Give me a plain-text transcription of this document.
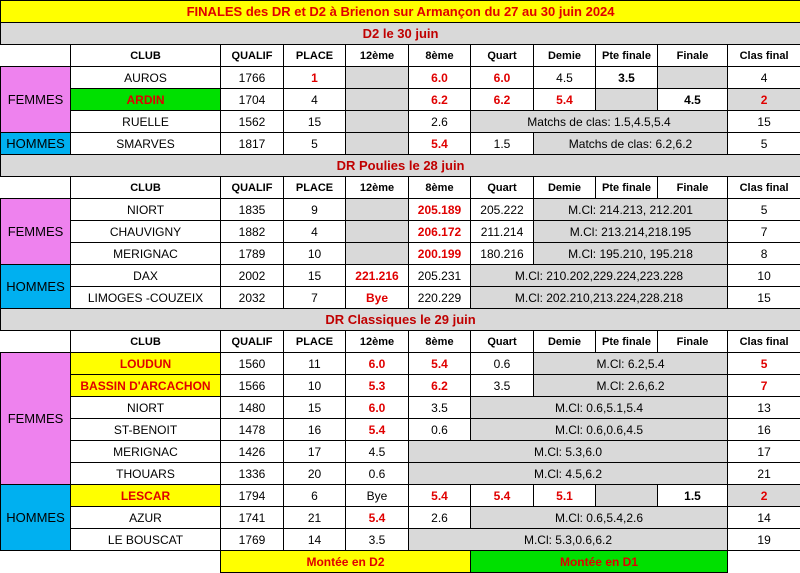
FINALES des DR et D2 à Brienon sur Armançon du 27 au 30 juin 2024										
D2 le 30 juin										
	CLUB	QUALIF	PLACE	12ème	8ème	Quart	Demie	Pte finale	Finale	Clas final
FEMMES	AUROS	1766	1		6.0	6.0	4.5	3.5		4
	ARDIN	1704	4		6.2	6.2	5.4		4.5	2
	RUELLE	1562	15		2.6	Matchs de clas: 1.5,4.5,5.4				15
HOMMES	SMARVES	1817	5		5.4	1.5	Matchs de clas: 6.2,6.2			5
DR Poulies le 28 juin										
	CLUB	QUALIF	PLACE	12ème	8ème	Quart	Demie	Pte finale	Finale	Clas final
FEMMES	NIORT	1835	9		205.189	205.222	M.Cl: 214.213, 212.201			5
	CHAUVIGNY	1882	4		206.172	211.214	M.Cl: 213.214,218.195			7
	MERIGNAC	1789	10		200.199	180.216	M.Cl: 195.210, 195.218			8
HOMMES	DAX	2002	15	221.216	205.231	M.Cl: 210.202,229.224,223.228				10
	LIMOGES -COUZEIX	2032	7	Bye	220.229	M.Cl: 202.210,213.224,228.218				15
DR Classiques le 29 juin										
	CLUB	QUALIF	PLACE	12ème	8ème	Quart	Demie	Pte finale	Finale	Clas final
FEMMES	LOUDUN	1560	11	6.0	5.4	0.6	M.Cl: 6.2,5.4			5
	BASSIN D'ARCACHON	1566	10	5.3	6.2	3.5	M.Cl: 2.6,6.2			7
	NIORT	1480	15	6.0	3.5	M.Cl: 0.6,5.1,5.4				13
	ST-BENOIT	1478	16	5.4	0.6	M.Cl: 0.6,0.6,4.5				16
	MERIGNAC	1426	17	4.5	M.Cl: 5.3,6.0					17
	THOUARS	1336	20	0.6	M.Cl: 4.5,6.2					21
HOMMES	LESCAR	1794	6	Bye	5.4	5.4	5.1		1.5	2
	AZUR	1741	21	5.4	2.6	M.Cl: 0.6,5.4,2.6				14
	LE BOUSCAT	1769	14	3.5	M.Cl: 5.3,0.6,6.2					19
		Montée en D2				Montée en D1				
